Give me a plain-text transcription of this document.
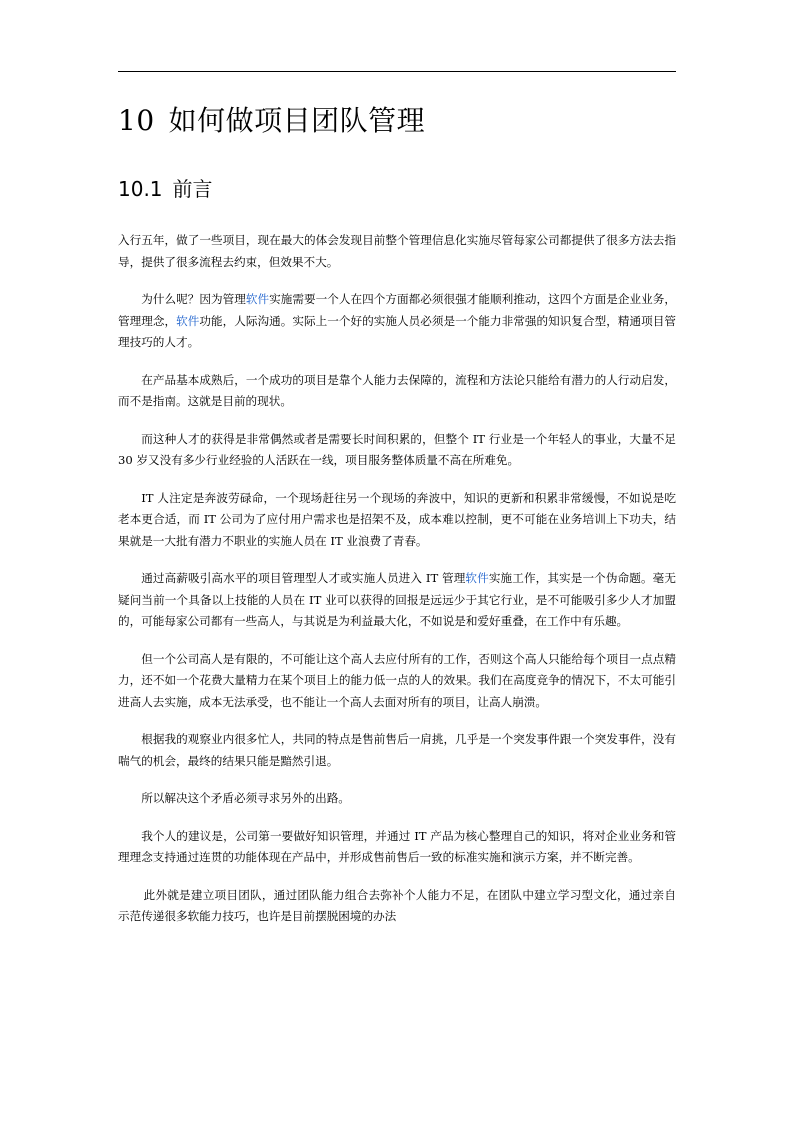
10 如何做项目团队管理
10.1 前言

入行五年，做了一些项目，现在最大的体会发现目前整个管理信息化实施尽管每家公司都提供了很多方法去指导，提供了很多流程去约束，但效果不大。

为什么呢？因为管理软件实施需要一个人在四个方面都必须很强才能顺利推动，这四个方面是企业业务，管理理念，软件功能，人际沟通。实际上一个好的实施人员必须是一个能力非常强的知识复合型，精通项目管理技巧的人才。

在产品基本成熟后，一个成功的项目是靠个人能力去保障的，流程和方法论只能给有潜力的人行动启发，而不是指南。这就是目前的现状。

而这种人才的获得是非常偶然或者是需要长时间积累的，但整个 IT 行业是一个年轻人的事业，大量不足 30 岁又没有多少行业经验的人活跃在一线，项目服务整体质量不高在所难免。

IT 人注定是奔波劳碌命，一个现场赶往另一个现场的奔波中，知识的更新和积累非常缓慢，不如说是吃老本更合适，而 IT 公司为了应付用户需求也是招架不及，成本难以控制，更不可能在业务培训上下功夫，结果就是一大批有潜力不职业的实施人员在 IT 业浪费了青春。

通过高薪吸引高水平的项目管理型人才或实施人员进入 IT 管理软件实施工作，其实是一个伪命题。毫无疑问当前一个具备以上技能的人员在 IT 业可以获得的回报是远远少于其它行业，是不可能吸引多少人才加盟的，可能每家公司都有一些高人，与其说是为利益最大化，不如说是和爱好重叠，在工作中有乐趣。

但一个公司高人是有限的，不可能让这个高人去应付所有的工作，否则这个高人只能给每个项目一点点精力，还不如一个花费大量精力在某个项目上的能力低一点的人的效果。我们在高度竞争的情况下，不太可能引进高人去实施，成本无法承受，也不能让一个高人去面对所有的项目，让高人崩溃。

根据我的观察业内很多忙人，共同的特点是售前售后一肩挑，几乎是一个突发事件跟一个突发事件，没有喘气的机会，最终的结果只能是黯然引退。

所以解决这个矛盾必须寻求另外的出路。

我个人的建议是，公司第一要做好知识管理，并通过 IT 产品为核心整理自己的知识，将对企业业务和管理理念支持通过连贯的功能体现在产品中，并形成售前售后一致的标准实施和演示方案，并不断完善。

此外就是建立项目团队，通过团队能力组合去弥补个人能力不足，在团队中建立学习型文化，通过亲自示范传递很多软能力技巧，也许是目前摆脱困境的办法
